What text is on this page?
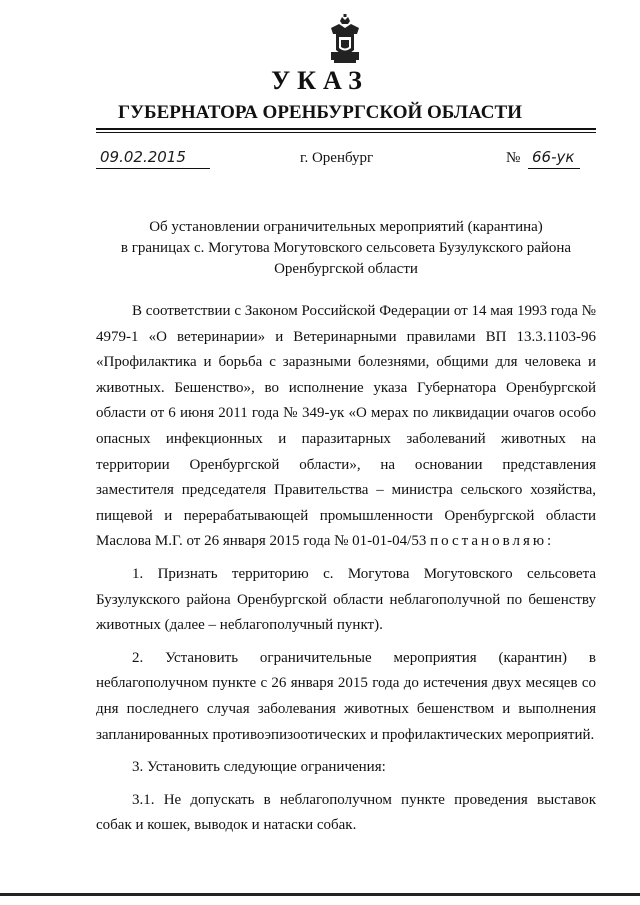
УКАЗ
ГУБЕРНАТОРА ОРЕНБУРГСКОЙ ОБЛАСТИ
09.02.2015	г. Оренбург	№ 66-ук
Об установлении ограничительных мероприятий (карантина)
в границах с. Могутова Могутовского сельсовета Бузулукского района
Оренбургской области

В соответствии с Законом Российской Федерации от 14 мая 1993 года № 4979-1 «О ветеринарии» и Ветеринарными правилами ВП 13.3.1103-96 «Профилактика и борьба с заразными болезнями, общими для человека и животных. Бешенство», во исполнение указа Губернатора Оренбургской области от 6 июня 2011 года № 349-ук «О мерах по ликвидации очагов особо опасных инфекционных и паразитарных заболеваний животных на территории Оренбургской области», на основании представления заместителя председателя Правительства – министра сельского хозяйства, пищевой и перерабатывающей промышленности Оренбургской области Маслова М.Г. от 26 января 2015 года № 01-01-04/53 постановляю:

1. Признать территорию с. Могутова Могутовского сельсовета Бузулукского района Оренбургской области неблагополучной по бешенству животных (далее – неблагополучный пункт).

2. Установить ограничительные мероприятия (карантин) в неблагополучном пункте с 26 января 2015 года до истечения двух месяцев со дня последнего случая заболевания животных бешенством и выполнения запланированных противоэпизоотических и профилактических мероприятий.

3. Установить следующие ограничения:

3.1. Не допускать в неблагополучном пункте проведения выставок собак и кошек, выводок и натаски собак.
